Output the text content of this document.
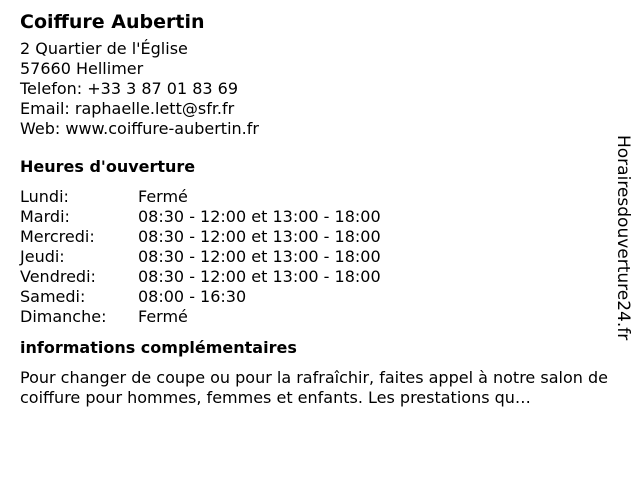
Coiffure Aubertin
2 Quartier de l'Église
57660 Hellimer
Telefon: +33 3 87 01 83 69
Email: raphaelle.lett@sfr.fr
Web: www.coiffure-aubertin.fr
Heures d'ouverture
Lundi:	Fermé
Mardi:	08:30 - 12:00 et 13:00 - 18:00
Mercredi:	08:30 - 12:00 et 13:00 - 18:00
Jeudi:	08:30 - 12:00 et 13:00 - 18:00
Vendredi:	08:30 - 12:00 et 13:00 - 18:00
Samedi:	08:00 - 16:30
Dimanche:	Fermé
informations complémentaires
Pour changer de coupe ou pour la rafraîchir, faites appel à notre salon de coiffure pour hommes, femmes et enfants. Les prestations qu…
Horairesdouverture24.fr
